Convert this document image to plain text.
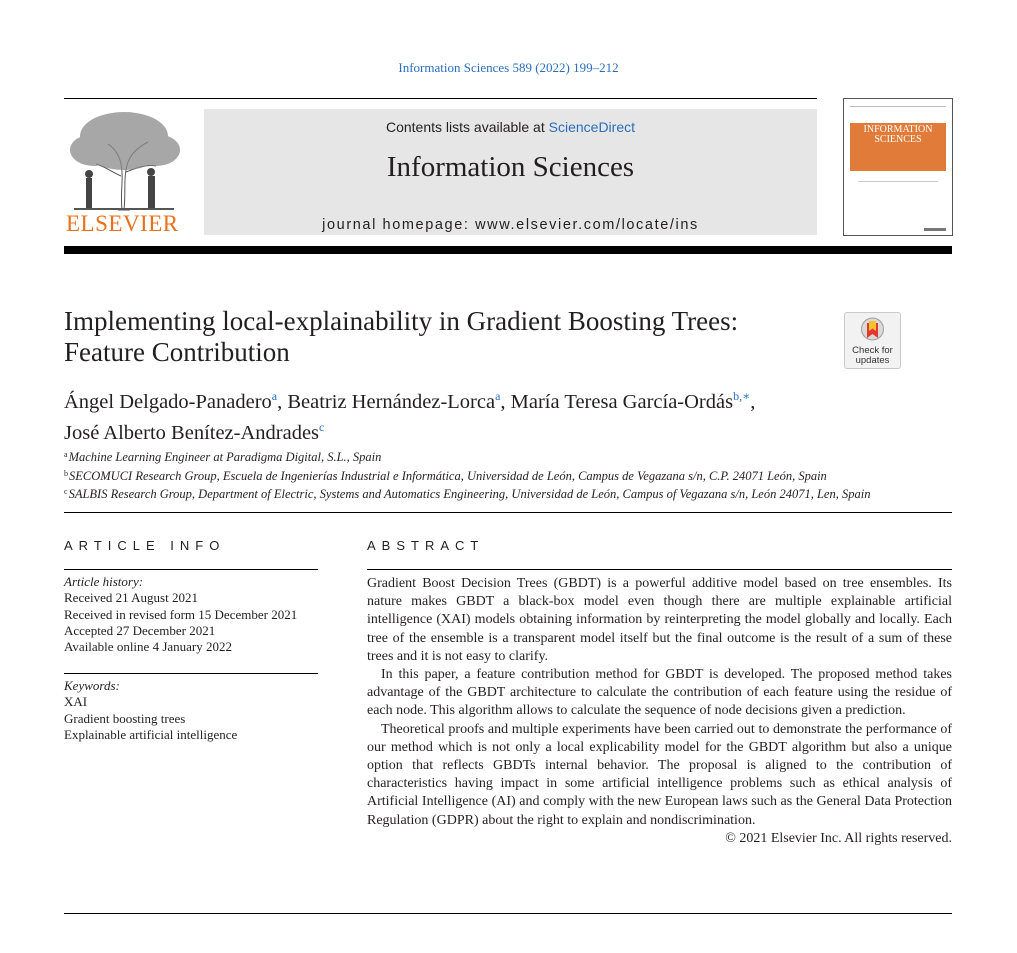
Information Sciences 589 (2022) 199–212
ELSEVIER
Contents lists available at ScienceDirect
Information Sciences
journal homepage: www.elsevier.com/locate/ins
INFORMATION SCIENCES
Implementing local-explainability in Gradient Boosting Trees: Feature Contribution	Check for updates
Ángel Delgado-Panadero$^a$, Beatriz Hernández-Lorca$^a$, María Teresa García-Ordás$^{b,∗}$,
José Alberto Benítez-Andrades$^c$
$^a$Machine Learning Engineer at Paradigma Digital, S.L., Spain
$^b$SECOMUCI Research Group, Escuela de Ingenierías Industrial e Informática, Universidad de León, Campus de Vegazana s/n, C.P. 24071 León, Spain
$^c$SALBIS Research Group, Department of Electric, Systems and Automatics Engineering, Universidad de León, Campus of Vegazana s/n, León 24071, Len, Spain
ARTICLE INFO
Article history:
Received 21 August 2021
Received in revised form 15 December 2021
Accepted 27 December 2021
Available online 4 January 2022
Keywords:
XAI
Gradient boosting trees
Explainable artificial intelligence
ABSTRACT

Gradient Boost Decision Trees (GBDT) is a powerful additive model based on tree ensembles. Its nature makes GBDT a black-box model even though there are multiple explainable artificial intelligence (XAI) models obtaining information by reinterpreting the model globally and locally. Each tree of the ensemble is a transparent model itself but the final outcome is the result of a sum of these trees and it is not easy to clarify.

In this paper, a feature contribution method for GBDT is developed. The proposed method takes advantage of the GBDT architecture to calculate the contribution of each feature using the residue of each node. This algorithm allows to calculate the sequence of node decisions given a prediction.

Theoretical proofs and multiple experiments have been carried out to demonstrate the performance of our method which is not only a local explicability model for the GBDT algorithm but also a unique option that reflects GBDTs internal behavior. The proposal is aligned to the contribution of characteristics having impact in some artificial intelligence problems such as ethical analysis of Artificial Intelligence (AI) and comply with the new European laws such as the General Data Protection Regulation (GDPR) about the right to explain and nondiscrimination.

© 2021 Elsevier Inc. All rights reserved.
